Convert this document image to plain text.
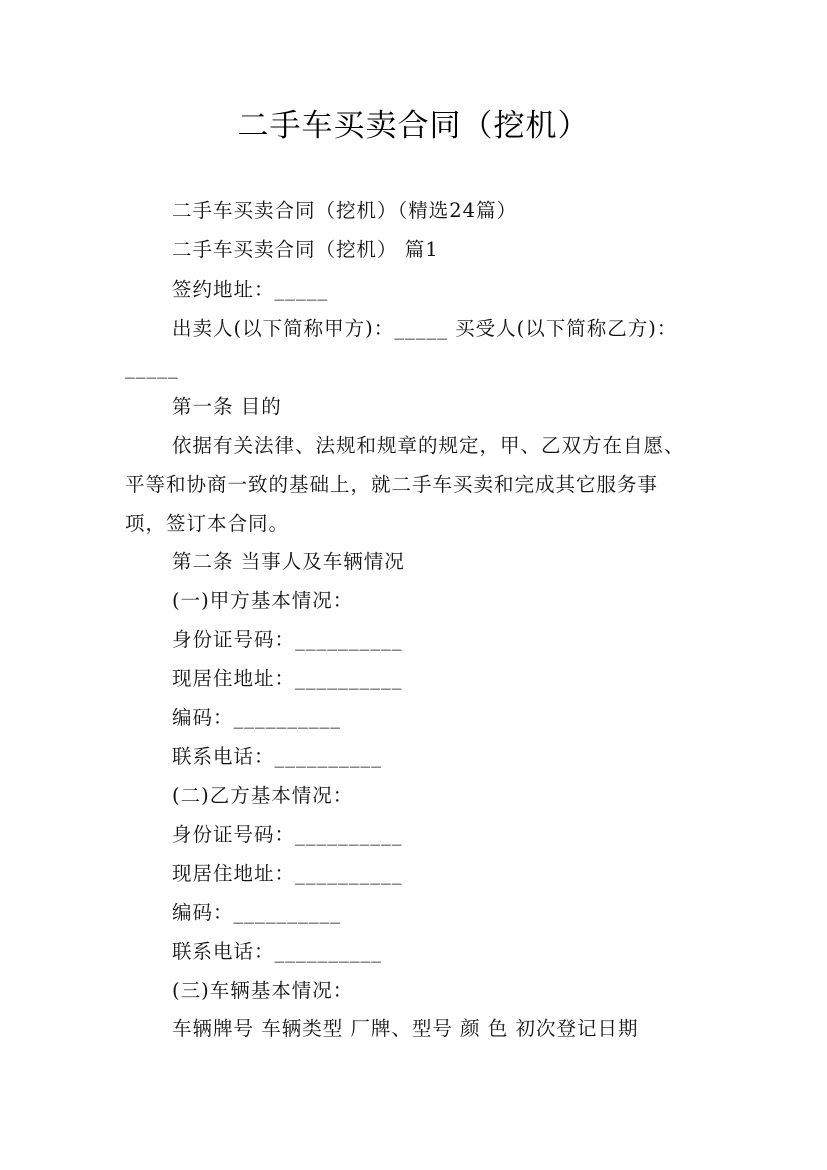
二手车买卖合同（挖机）
二手车买卖合同（挖机）（精选24篇）
二手车买卖合同（挖机） 篇1
签约地址：_____
出卖人(以下简称甲方)：_____ 买受人(以下简称乙方)：
_____
第一条 目的
依据有关法律、法规和规章的规定，甲、乙双方在自愿、
平等和协商一致的基础上，就二手车买卖和完成其它服务事
项，签订本合同。
第二条 当事人及车辆情况
(一)甲方基本情况：
身份证号码：__________
现居住地址：__________
编码：__________
联系电话：__________
(二)乙方基本情况：
身份证号码：__________
现居住地址：__________
编码：__________
联系电话：__________
(三)车辆基本情况：
车辆牌号 车辆类型 厂牌、型号 颜 色 初次登记日期
